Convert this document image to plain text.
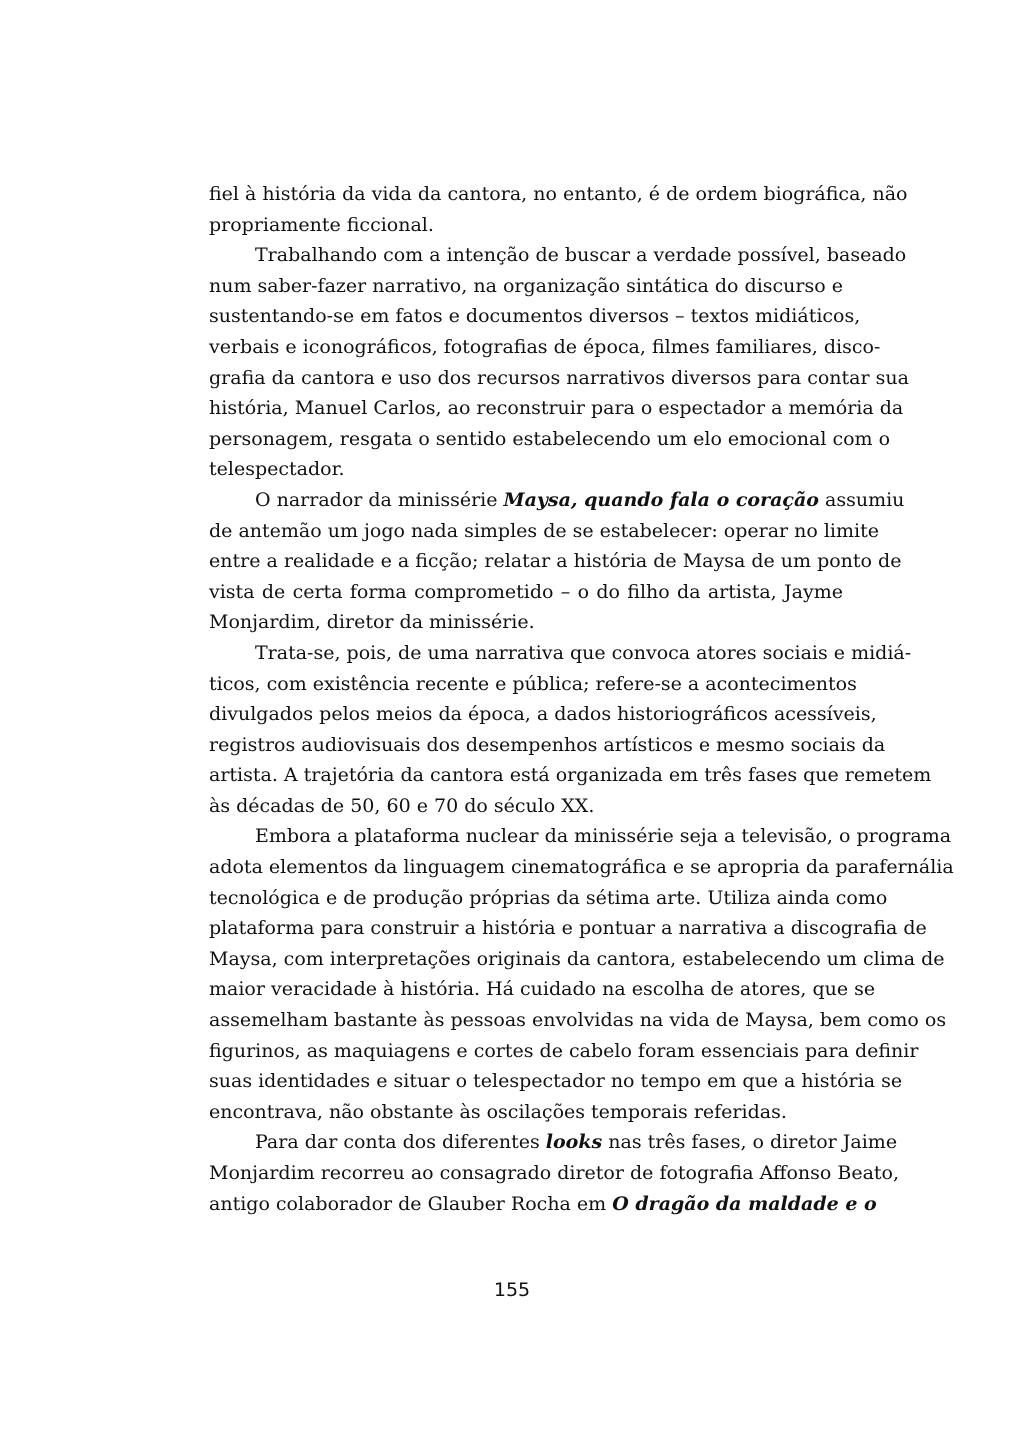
fiel à história da vida da cantora, no entanto, é de ordem biográfica, não
propriamente ficcional.
Trabalhando com a intenção de buscar a verdade possível, baseado
num saber-fazer narrativo, na organização sintática do discurso e
sustentando-se em fatos e documentos diversos – textos midiáticos,
verbais e iconográficos, fotografias de época, filmes familiares, disco-
grafia da cantora e uso dos recursos narrativos diversos para contar sua
história, Manuel Carlos, ao reconstruir para o espectador a memória da
personagem, resgata o sentido estabelecendo um elo emocional com o
telespectador.
O narrador da minissérie Maysa, quando fala o coração assumiu
de antemão um jogo nada simples de se estabelecer: operar no limite
entre a realidade e a ficção; relatar a história de Maysa de um ponto de
vista de certa forma comprometido – o do filho da artista, Jayme
Monjardim, diretor da minissérie.
Trata-se, pois, de uma narrativa que convoca atores sociais e midiá-
ticos, com existência recente e pública; refere-se a acontecimentos
divulgados pelos meios da época, a dados historiográficos acessíveis,
registros audiovisuais dos desempenhos artísticos e mesmo sociais da
artista. A trajetória da cantora está organizada em três fases que remetem
às décadas de 50, 60 e 70 do século XX.
Embora a plataforma nuclear da minissérie seja a televisão, o programa
adota elementos da linguagem cinematográfica e se apropria da parafernália
tecnológica e de produção próprias da sétima arte. Utiliza ainda como
plataforma para construir a história e pontuar a narrativa a discografia de
Maysa, com interpretações originais da cantora, estabelecendo um clima de
maior veracidade à história. Há cuidado na escolha de atores, que se
assemelham bastante às pessoas envolvidas na vida de Maysa, bem como os
figurinos, as maquiagens e cortes de cabelo foram essenciais para definir
suas identidades e situar o telespectador no tempo em que a história se
encontrava, não obstante às oscilações temporais referidas.
Para dar conta dos diferentes looks nas três fases, o diretor Jaime
Monjardim recorreu ao consagrado diretor de fotografia Affonso Beato,
antigo colaborador de Glauber Rocha em O dragão da maldade e o
155
